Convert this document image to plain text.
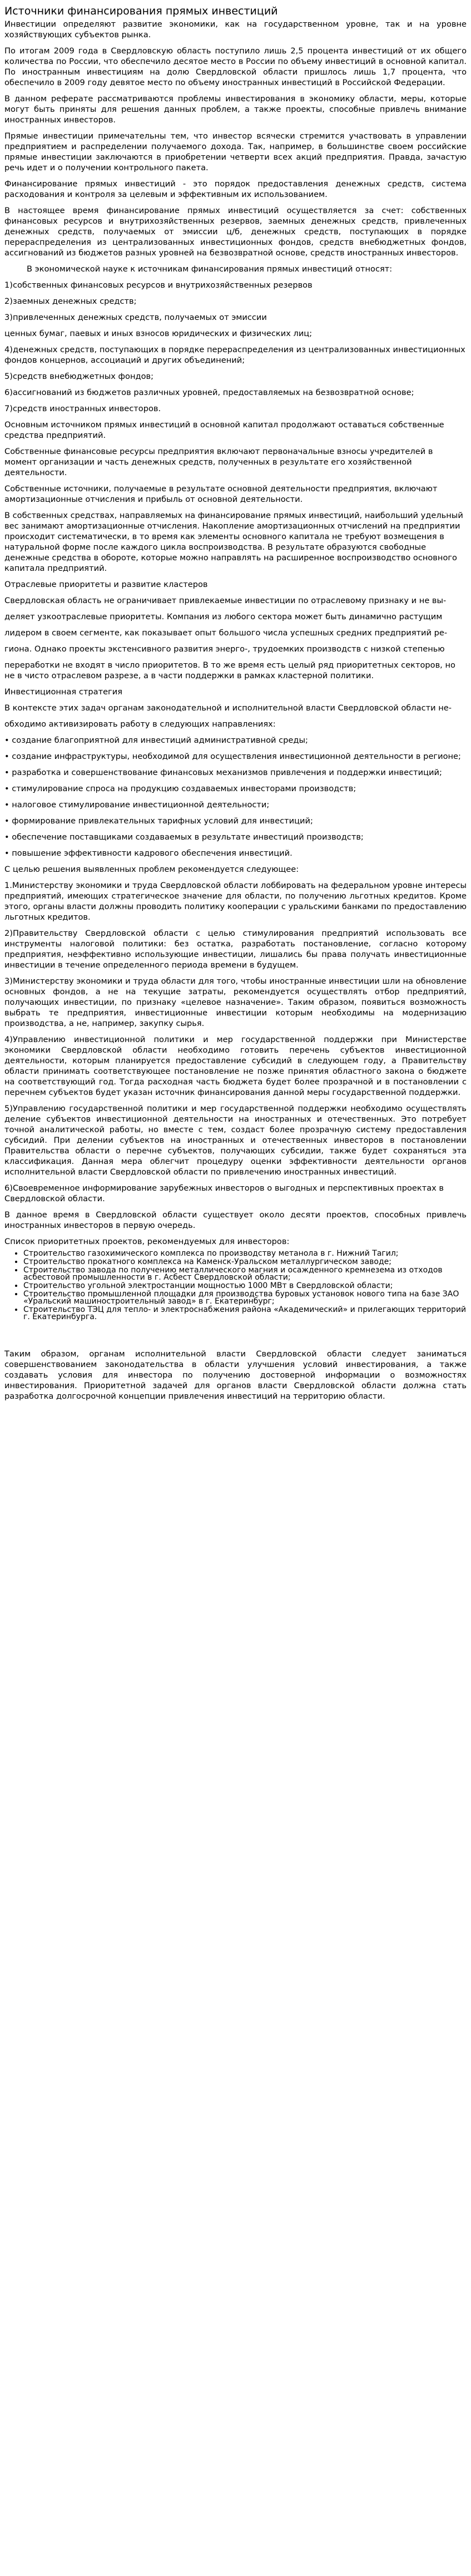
Источники финансирования прямых инвестиций

Инвестиции определяют развитие экономики, как на государственном уровне, так и на уровне хозяйствующих субъектов рынка.

По итогам 2009 года в Свердловскую область поступило лишь 2,5 процента инвестиций от их общего количества по России, что обеспечило десятое место в России по объему инвестиций в основной капитал. По иностранным инвестициям на долю Свердловской области пришлось лишь 1,7 процента, что обеспечило в 2009 году девятое место по объему иностранных инвестиций в Российской Федерации.

В данном реферате рассматриваются проблемы инвестирования в экономику области, меры, которые могут быть приняты для решения данных проблем, а также проекты, способные привлечь внимание иностранных инвесторов.

Прямые инвестиции примечательны тем, что инвестор всячески стремится участвовать в управлении предприятием и распределении получаемого дохода. Так, например, в большинстве своем российские прямые инвестиции заключаются в приобретении четверти всех акций предприятия. Правда, зачастую речь идет и о получении контрольного пакета.

Финансирование прямых инвестиций - это порядок предоставления денежных средств, система расходования и контроля за целевым и эффективным их использованием.

В настоящее время финансирование прямых инвестиций осуществляется за счет: собственных финансовых ресурсов и внутрихозяйственных резервов, заемных денежных средств, привлеченных денежных средств, получаемых от эмиссии ц/б, денежных средств, поступающих в порядке перераспределения из централизованных инвестиционных фондов, средств внебюджетных фондов, ассигнований из бюджетов разных уровней на безвозвратной основе, средств иностранных инвесторов.

В экономической науке к источникам финансирования прямых инвестиций относят:

1)собственных финансовых ресурсов и внутрихозяйственных резервов

2)заемных денежных средств;

3)привлеченных денежных средств, получаемых от эмиссии

ценных бумаг, паевых и иных взносов юридических и физических лиц;

4)денежных средств, поступающих в порядке перераспределения из централизованных инвестиционных фондов концернов, ассоциаций и других объединений;

5)средств внебюджетных фондов;

6)ассигнований из бюджетов различных уровней, предоставляемых на безвозвратной основе;

7)средств иностранных инвесторов.

Основным источником прямых инвестиций в основной капитал продолжают оставаться собственные средства предприятий.

Собственные финансовые ресурсы предприятия включают первоначальные взносы учредителей в момент организации и часть денежных средств, полученных в результате его хозяйственной деятельности.

Собственные источники, получаемые в результате основной деятельности предприятия, включают амортизационные отчисления и прибыль от основной деятельности.

В собственных средствах, направляемых на финансирование прямых инвестиций, наибольший удельный вес занимают амортизационные отчисления. Накопление амортизационных отчислений на предприятии происходит систематически, в то время как элементы основного капитала не требуют возмещения в натуральной форме после каждого цикла воспроизводства. В результате образуются свободные денежные средства в обороте, которые можно направлять на расширенное воспроизводство основного капитала предприятий.

Отраслевые приоритеты и развитие кластеров

Свердловская область не ограничивает привлекаемые инвестиции по отраслевому признаку и не вы-

деляет узкоотраслевые приоритеты. Компания из любого сектора может быть динамично растущим

лидером в своем сегменте, как показывает опыт большого числа успешных средних предприятий ре-

гиона. Однако проекты экстенсивного развития энерго-, трудоемких производств с низкой степенью

переработки не входят в число приоритетов. В то же время есть целый ряд приоритетных секторов, но не в чисто отраслевом разрезе, а в части поддержки в рамках кластерной политики.

Инвестиционная стратегия

В контексте этих задач органам законодательной и исполнительной власти Свердловской области не-

обходимо активизировать работу в следующих направлениях:

• создание благоприятной для инвестиций административной среды;

• создание инфраструктуры, необходимой для осуществления инвестиционной деятельности в регионе;

• разработка и совершенствование финансовых механизмов привлечения и поддержки инвестиций;

• стимулирование спроса на продукцию создаваемых инвесторами производств;

• налоговое стимулирование инвестиционной деятельности;

• формирование привлекательных тарифных условий для инвестиций;

• обеспечение поставщиками создаваемых в результате инвестиций производств;

• повышение эффективности кадрового обеспечения инвестиций.

С целью решения выявленных проблем рекомендуется следующее:

1.Министерству экономики и труда Свердловской области лоббировать на федеральном уровне интересы предприятий, имеющих стратегическое значение для области, по получению льготных кредитов. Кроме этого, органы власти должны проводить политику кооперации с уральскими банками по предоставлению льготных кредитов.

2)Правительству Свердловской области с целью стимулирования предприятий использовать все инструменты налоговой политики: без остатка, разработать постановление, согласно которому предприятия, неэффективно использующие инвестиции, лишались бы права получать инвестиционные инвестиции в течение определенного периода времени в будущем.

3)Министерству экономики и труда области для того, чтобы иностранные инвестиции шли на обновление основных фондов, а не на текущие затраты, рекомендуется осуществлять отбор предприятий, получающих инвестиции, по признаку «целевое назначение». Таким образом, появиться возможность выбрать те предприятия, инвестиционные инвестиции которым необходимы на модернизацию производства, а не, например, закупку сырья.

4)Управлению инвестиционной политики и мер государственной поддержки при Министерстве экономики Свердловской области необходимо готовить перечень субъектов инвестиционной деятельности, которым планируется предоставление субсидий в следующем году, а Правительству области принимать соответствующее постановление не позже принятия областного закона о бюджете на соответствующий год. Тогда расходная часть бюджета будет более прозрачной и в постановлении с перечнем субъектов будет указан источник финансирования данной меры государственной поддержки.

5)Управлению государственной политики и мер государственной поддержки необходимо осуществлять деление субъектов инвестиционной деятельности на иностранных и отечественных. Это потребует точной аналитической работы, но вместе с тем, создаст более прозрачную систему предоставления субсидий. При делении субъектов на иностранных и отечественных инвесторов в постановлении Правительства области о перечне субъектов, получающих субсидии, также будет сохраняться эта классификация. Данная мера облегчит процедуру оценки эффективности деятельности органов исполнительной власти Свердловской области по привлечению иностранных инвестиций.

6)Своевременное информирование зарубежных инвесторов о выгодных и перспективных проектах в Свердловской области.

В данное время в Свердловской области существует около десяти проектов, способных привлечь иностранных инвесторов в первую очередь.

Список приоритетных проектов, рекомендуемых для инвесторов:

• Строительство газохимического комплекса по производству метанола в г. Нижний Тагил;
• Строительство прокатного комплекса на Каменск-Уральском металлургическом заводе;
• Строительство завода по получению металлического магния и осажденного кремнезема из отходов асбестовой промышленности в г. Асбест Свердловской области;
• Строительство угольной электростанции мощностью 1000 МВт в Свердловской области;
• Строительство промышленной площадки для производства буровых установок нового типа на базе ЗАО «Уральский машиностроительный завод» в г. Екатеринбург;
• Строительство ТЭЦ для тепло- и электроснабжения района «Академический» и прилегающих территорий г. Екатеринбурга.

Таким образом, органам исполнительной власти Свердловской области следует заниматься совершенствованием законодательства в области улучшения условий инвестирования, а также создавать условия для инвестора по получению достоверной информации о возможностях инвестирования. Приоритетной задачей для органов власти Свердловской области должна стать разработка долгосрочной концепции привлечения инвестиций на территорию области.
